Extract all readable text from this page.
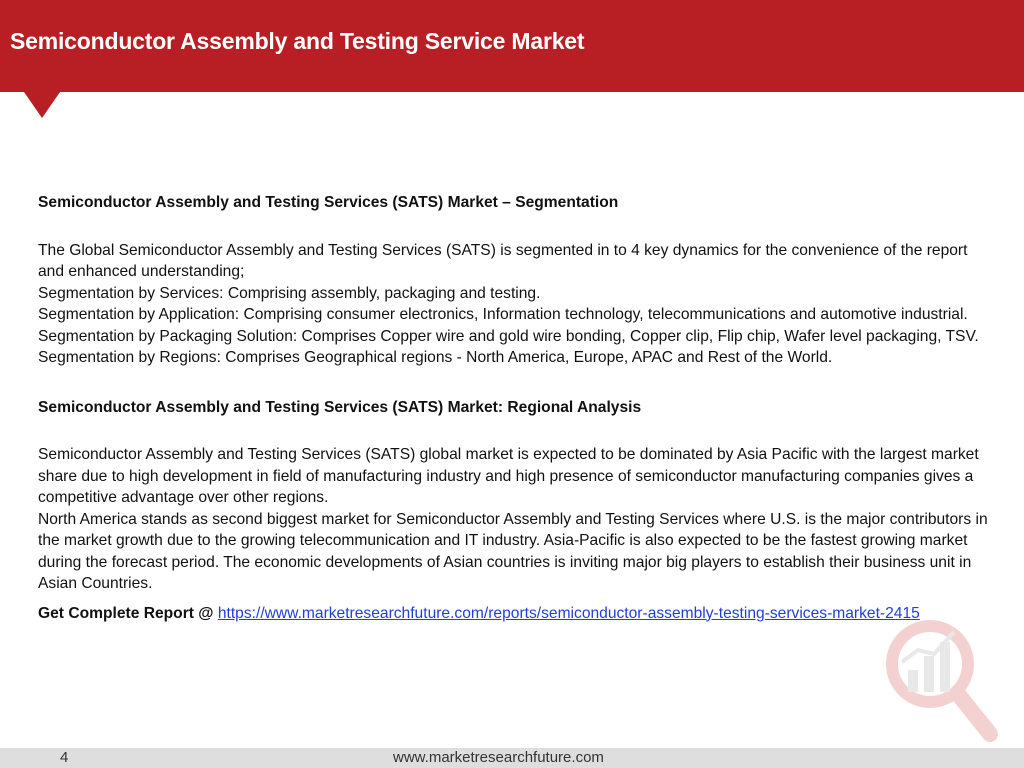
Semiconductor Assembly and Testing Service Market

Semiconductor Assembly and Testing Services (SATS) Market – Segmentation

The Global Semiconductor Assembly and Testing Services (SATS) is segmented in to 4 key dynamics for the convenience of the report and enhanced understanding;

Segmentation by Services: Comprising assembly, packaging and testing.

Segmentation by Application: Comprising consumer electronics, Information technology, telecommunications and automotive industrial.

Segmentation by Packaging Solution: Comprises Copper wire and gold wire bonding, Copper clip, Flip chip, Wafer level packaging, TSV.

Segmentation by Regions: Comprises Geographical regions - North America, Europe, APAC and Rest of the World.

Semiconductor Assembly and Testing Services (SATS) Market: Regional Analysis

Semiconductor Assembly and Testing Services (SATS) global market is expected to be dominated by Asia Pacific with the largest market share due to high development in field of manufacturing industry and high presence of semiconductor manufacturing companies gives a competitive advantage over other regions.

North America stands as second biggest market for Semiconductor Assembly and Testing Services where U.S. is the major contributors in the market growth due to the growing telecommunication and IT industry. Asia-Pacific is also expected to be the fastest growing market during the forecast period. The economic developments of Asian countries is inviting major big players to establish their business unit in Asian Countries.

Get Complete Report @ https://www.marketresearchfuture.com/reports/semiconductor-assembly-testing-services-market-2415

4	www.marketresearchfuture.com
